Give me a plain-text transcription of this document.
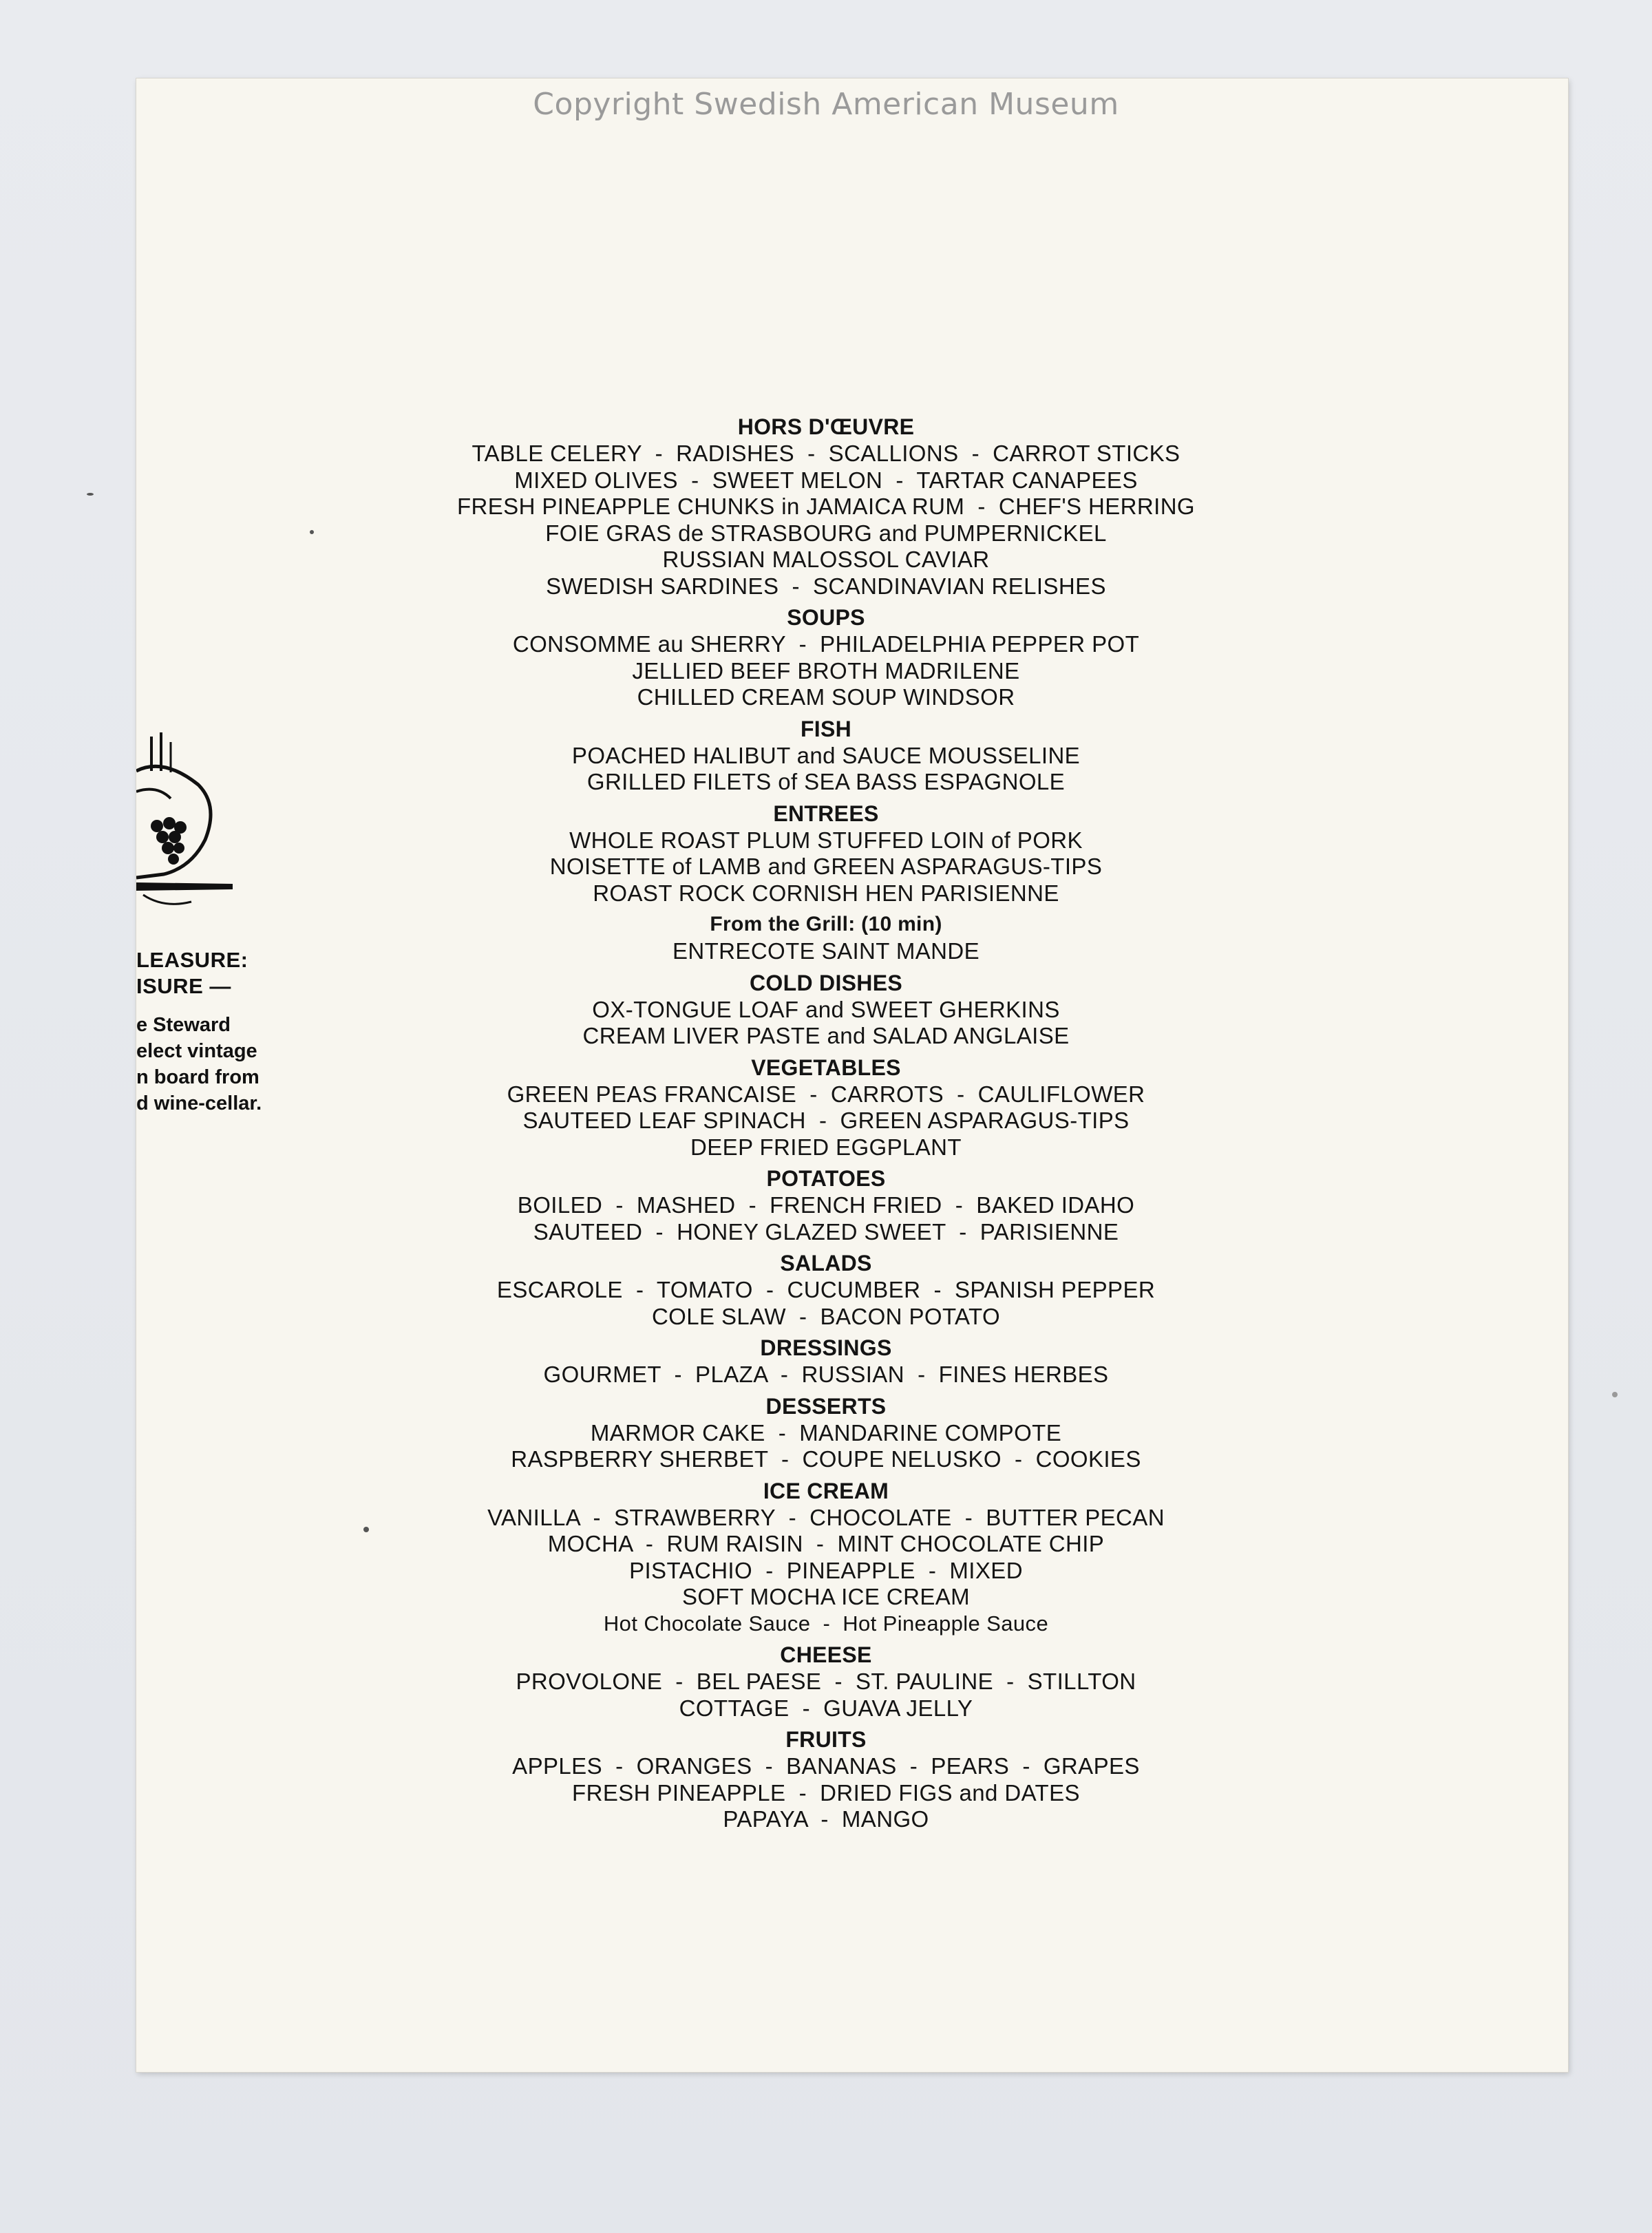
Copyright Swedish American Museum
LEASURE:
ISURE —
e Steward
elect vintage
n board from
d wine-cellar.
HORS D'ŒUVRE
TABLE CELERY  -  RADISHES  -  SCALLIONS  -  CARROT STICKS
MIXED OLIVES  -  SWEET MELON  -  TARTAR CANAPEES
FRESH PINEAPPLE CHUNKS in JAMAICA RUM  -  CHEF'S HERRING
FOIE GRAS de STRASBOURG and PUMPERNICKEL
RUSSIAN MALOSSOL CAVIAR
SWEDISH SARDINES  -  SCANDINAVIAN RELISHES
SOUPS
CONSOMME au SHERRY  -  PHILADELPHIA PEPPER POT
JELLIED BEEF BROTH MADRILENE
CHILLED CREAM SOUP WINDSOR
FISH
POACHED HALIBUT and SAUCE MOUSSELINE
GRILLED FILETS of SEA BASS ESPAGNOLE
ENTREES
WHOLE ROAST PLUM STUFFED LOIN of PORK
NOISETTE of LAMB and GREEN ASPARAGUS-TIPS
ROAST ROCK CORNISH HEN PARISIENNE
From the Grill: (10 min)
ENTRECOTE SAINT MANDE
COLD DISHES
OX-TONGUE LOAF and SWEET GHERKINS
CREAM LIVER PASTE and SALAD ANGLAISE
VEGETABLES
GREEN PEAS FRANCAISE  -  CARROTS  -  CAULIFLOWER
SAUTEED LEAF SPINACH  -  GREEN ASPARAGUS-TIPS
DEEP FRIED EGGPLANT
POTATOES
BOILED  -  MASHED  -  FRENCH FRIED  -  BAKED IDAHO
SAUTEED  -  HONEY GLAZED SWEET  -  PARISIENNE
SALADS
ESCAROLE  -  TOMATO  -  CUCUMBER  -  SPANISH PEPPER
COLE SLAW  -  BACON POTATO
DRESSINGS
GOURMET  -  PLAZA  -  RUSSIAN  -  FINES HERBES
DESSERTS
MARMOR CAKE  -  MANDARINE COMPOTE
RASPBERRY SHERBET  -  COUPE NELUSKO  -  COOKIES
ICE CREAM
VANILLA  -  STRAWBERRY  -  CHOCOLATE  -  BUTTER PECAN
MOCHA  -  RUM RAISIN  -  MINT CHOCOLATE CHIP
PISTACHIO  -  PINEAPPLE  -  MIXED
SOFT MOCHA ICE CREAM
Hot Chocolate Sauce  -  Hot Pineapple Sauce
CHEESE
PROVOLONE  -  BEL PAESE  -  ST. PAULINE  -  STILLTON
COTTAGE  -  GUAVA JELLY
FRUITS
APPLES  -  ORANGES  -  BANANAS  -  PEARS  -  GRAPES
FRESH PINEAPPLE  -  DRIED FIGS and DATES
PAPAYA  -  MANGO
